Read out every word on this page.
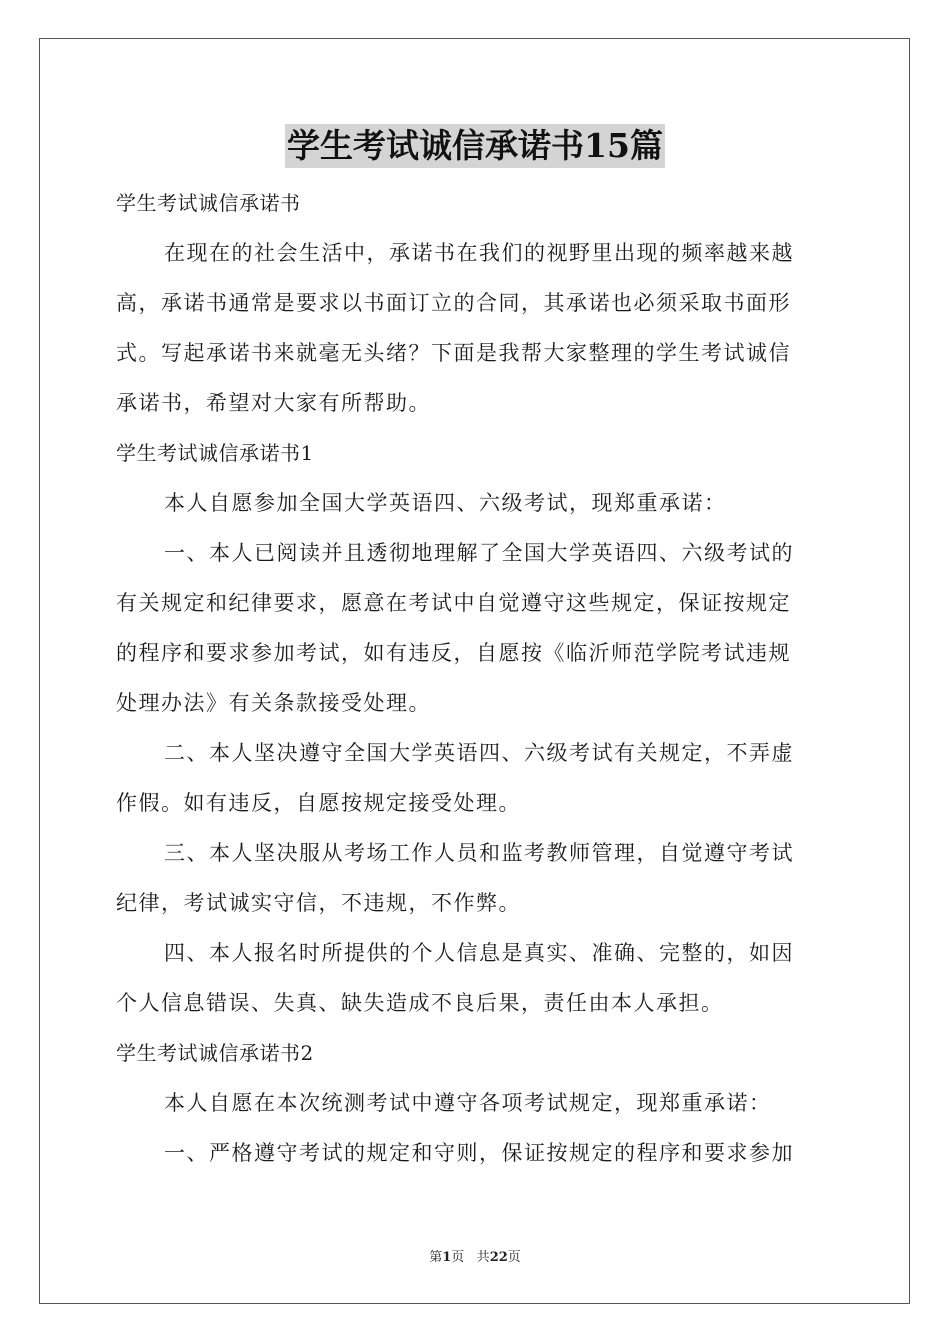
学生考试诚信承诺书15篇
学生考试诚信承诺书
在现在的社会生活中，承诺书在我们的视野里出现的频率越来越
高，承诺书通常是要求以书面订立的合同，其承诺也必须采取书面形
式。写起承诺书来就毫无头绪？下面是我帮大家整理的学生考试诚信
承诺书，希望对大家有所帮助。
学生考试诚信承诺书1
本人自愿参加全国大学英语四、六级考试，现郑重承诺：
一、本人已阅读并且透彻地理解了全国大学英语四、六级考试的
有关规定和纪律要求，愿意在考试中自觉遵守这些规定，保证按规定
的程序和要求参加考试，如有违反，自愿按《临沂师范学院考试违规
处理办法》有关条款接受处理。
二、本人坚决遵守全国大学英语四、六级考试有关规定，不弄虚
作假。如有违反，自愿按规定接受处理。
三、本人坚决服从考场工作人员和监考教师管理，自觉遵守考试
纪律，考试诚实守信，不违规，不作弊。
四、本人报名时所提供的个人信息是真实、准确、完整的，如因
个人信息错误、失真、缺失造成不良后果，责任由本人承担。
学生考试诚信承诺书2
本人自愿在本次统测考试中遵守各项考试规定，现郑重承诺：
一、严格遵守考试的规定和守则，保证按规定的程序和要求参加
第1页 共22页
